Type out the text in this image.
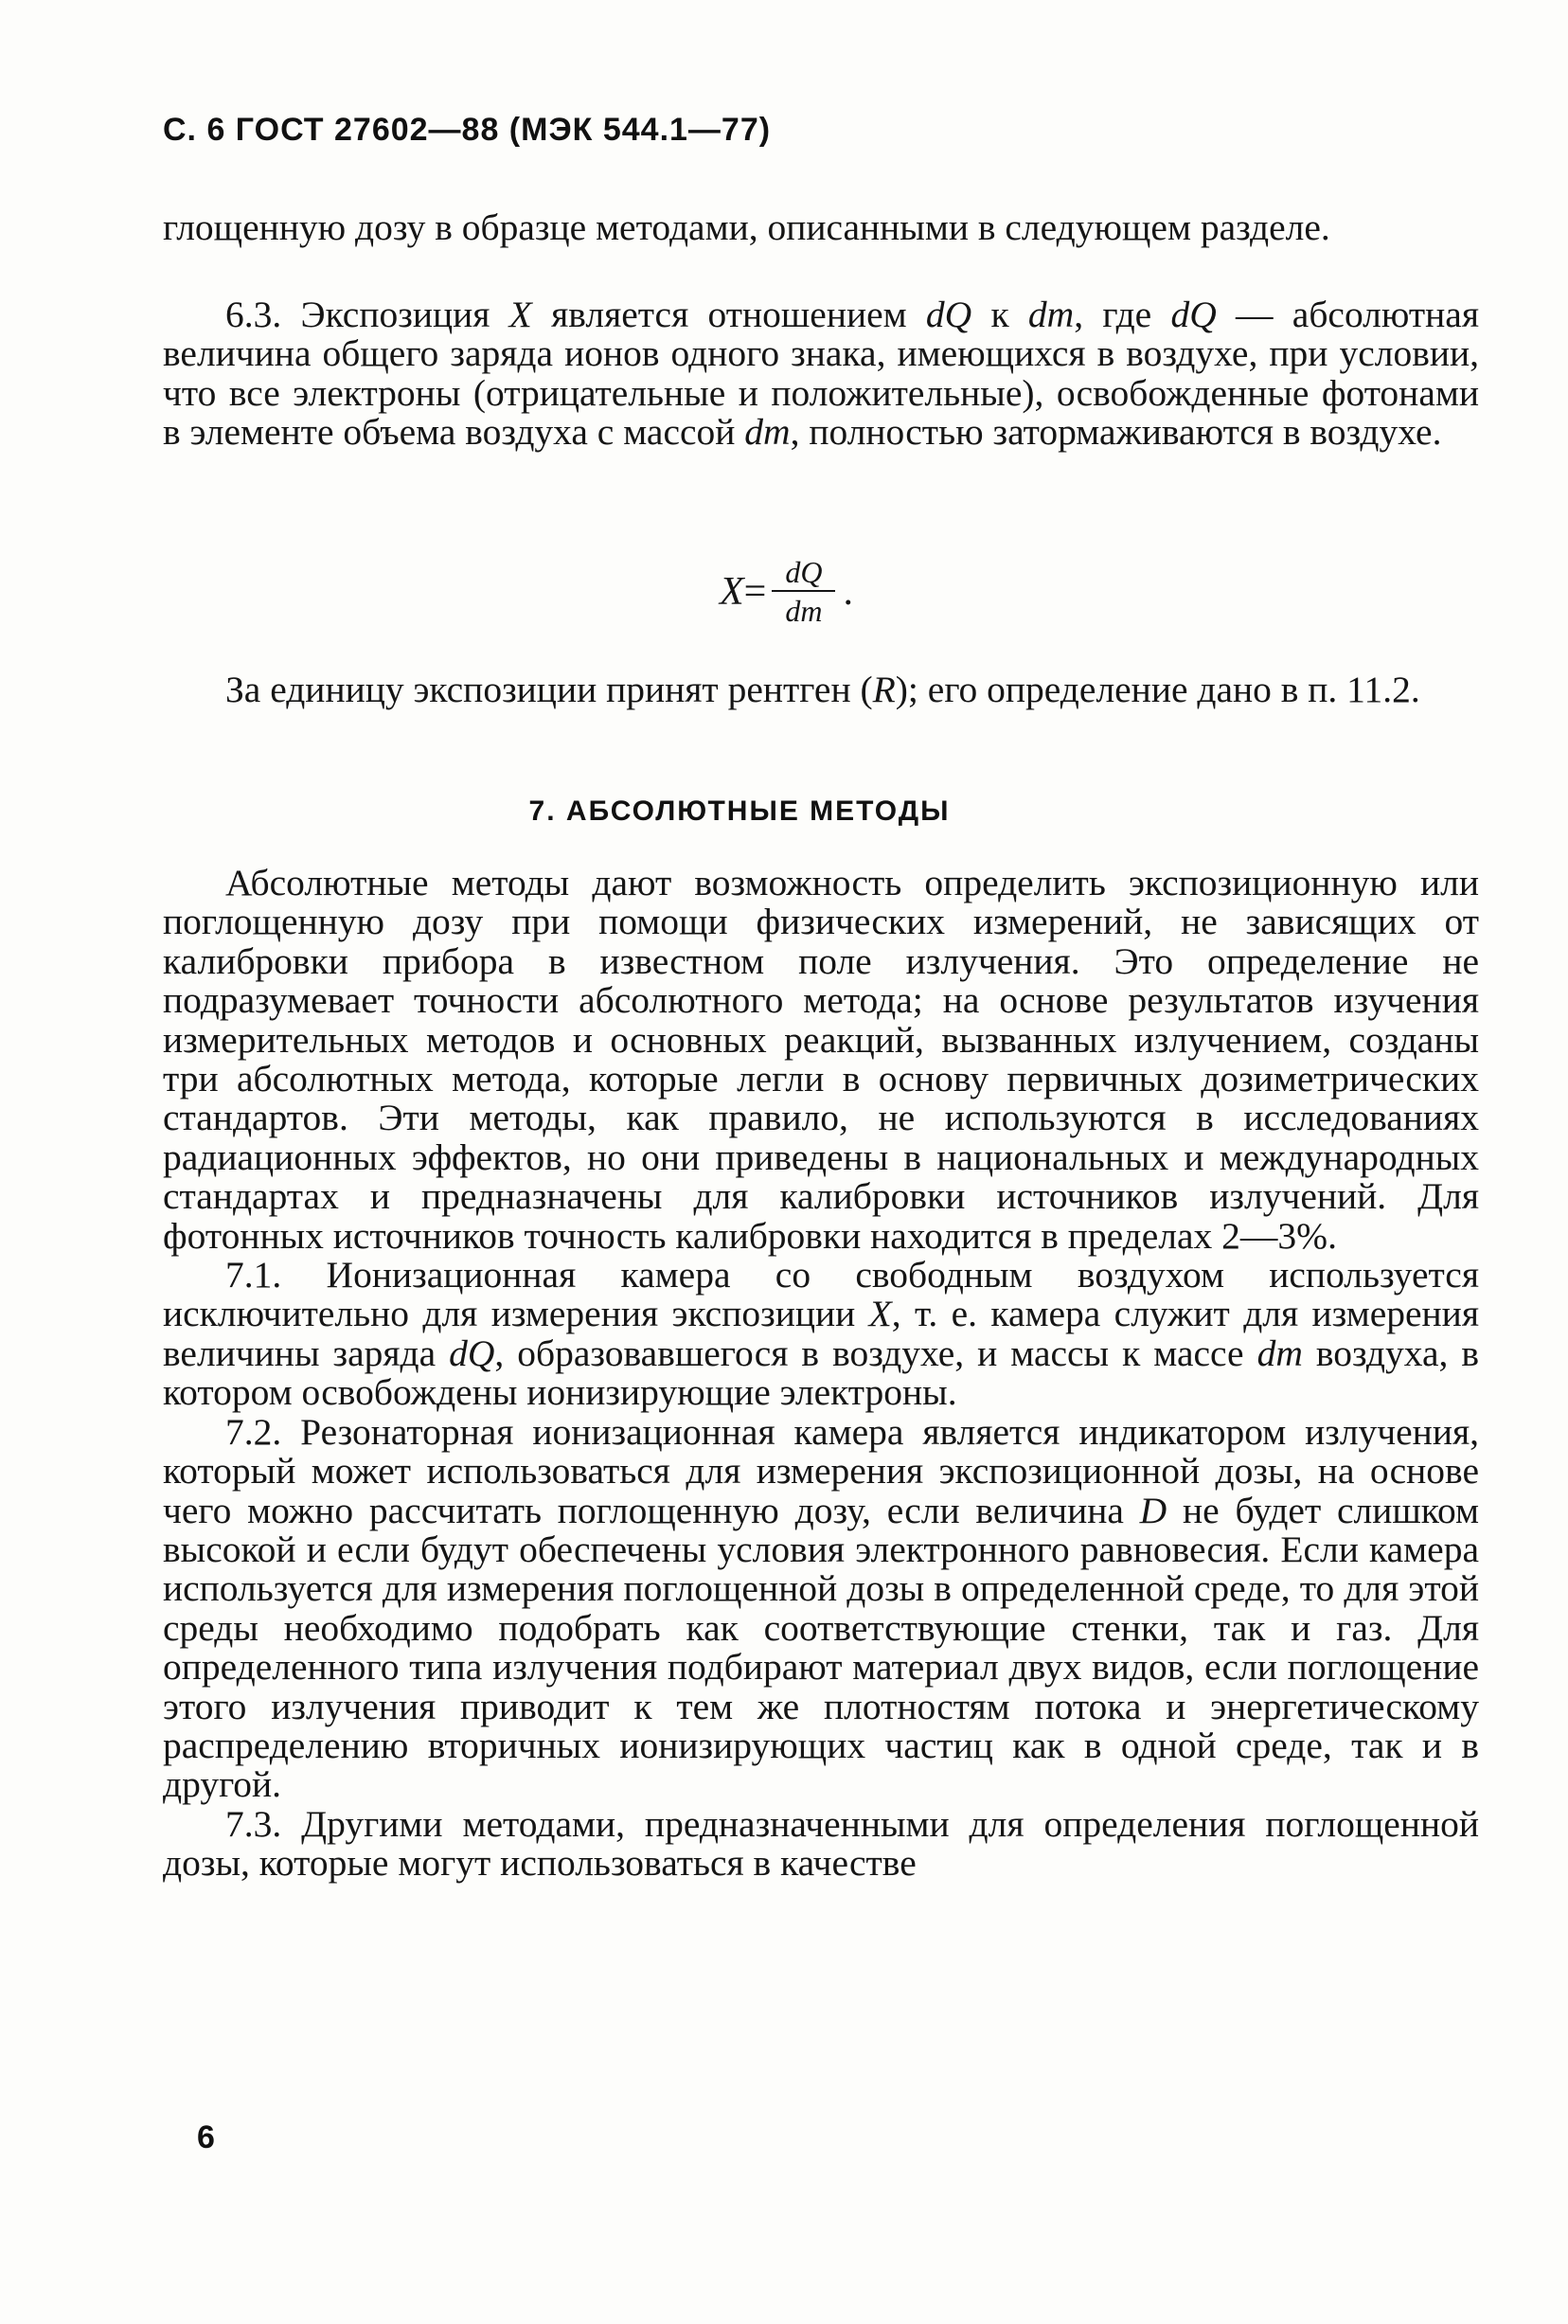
С. 6 ГОСТ 27602—88 (МЭК 544.1—77)

глощенную дозу в образце методами, описанными в следующем разделе.

6.3. Экспозиция X является отношением dQ к dm, где dQ — абсолютная величина общего заряда ионов одного знака, имеющихся в воздухе, при условии, что все электроны (отрицательные и положительные), освобожденные фотонами в элементе объема воздуха с массой dm, полностью затормаживаются в воздухе.

$X = \frac{dQ}{dm}$ .

За единицу экспозиции принят рентген (R); его определение дано в п. 11.2.

7. АБСОЛЮТНЫЕ МЕТОДЫ

Абсолютные методы дают возможность определить экспозиционную или поглощенную дозу при помощи физических измерений, не зависящих от калибровки прибора в известном поле излучения. Это определение не подразумевает точности абсолютного метода; на основе результатов изучения измерительных методов и основных реакций, вызванных излучением, созданы три абсолютных метода, которые легли в основу первичных дозиметрических стандартов. Эти методы, как правило, не используются в исследованиях радиационных эффектов, но они приведены в национальных и международных стандартах и предназначены для калибровки источников излучений. Для фотонных источников точность калибровки находится в пределах 2—3%.

7.1. Ионизационная камера со свободным воздухом используется исключительно для измерения экспозиции X, т. е. камера служит для измерения величины заряда dQ, образовавшегося в воздухе, и массы к массе dm воздуха, в котором освобождены ионизирующие электроны.

7.2. Резонаторная ионизационная камера является индикатором излучения, который может использоваться для измерения экспозиционной дозы, на основе чего можно рассчитать поглощенную дозу, если величина D не будет слишком высокой и если будут обеспечены условия электронного равновесия. Если камера используется для измерения поглощенной дозы в определенной среде, то для этой среды необходимо подобрать как соответствующие стенки, так и газ. Для определенного типа излучения подбирают материал двух видов, если поглощение этого излучения приводит к тем же плотностям потока и энергетическому распределению вторичных ионизирующих частиц как в одной среде, так и в другой.

7.3. Другими методами, предназначенными для определения поглощенной дозы, которые могут использоваться в качестве

6
